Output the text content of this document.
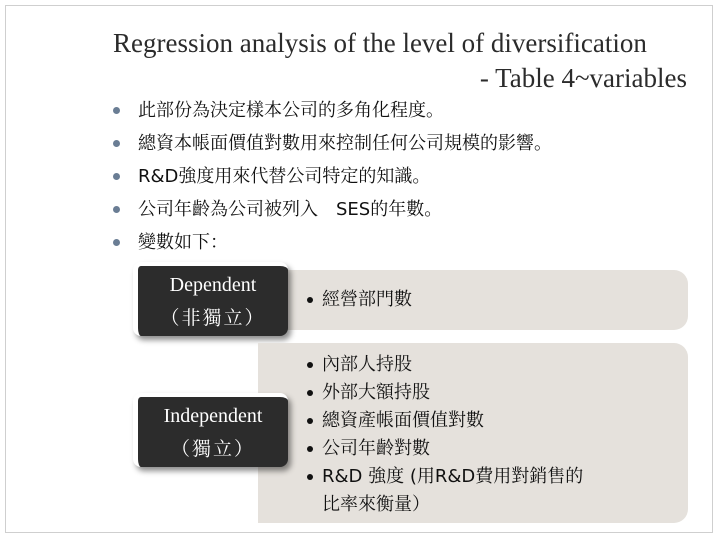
Regression analysis of the level of diversification
- Table 4~variables
此部份為決定樣本公司的多角化程度。
總資本帳面價值對數用來控制任何公司規模的影響。
R&D強度用來代替公司特定的知識。
公司年齡為公司被列入　SES的年數。
變數如下：
經營部門數
Dependent
（非獨立）
內部人持股
外部大額持股
總資產帳面價值對數
公司年齡對數
R&D 強度 (用R&D費用對銷售的
比率來衡量）
Independent
（獨立）
